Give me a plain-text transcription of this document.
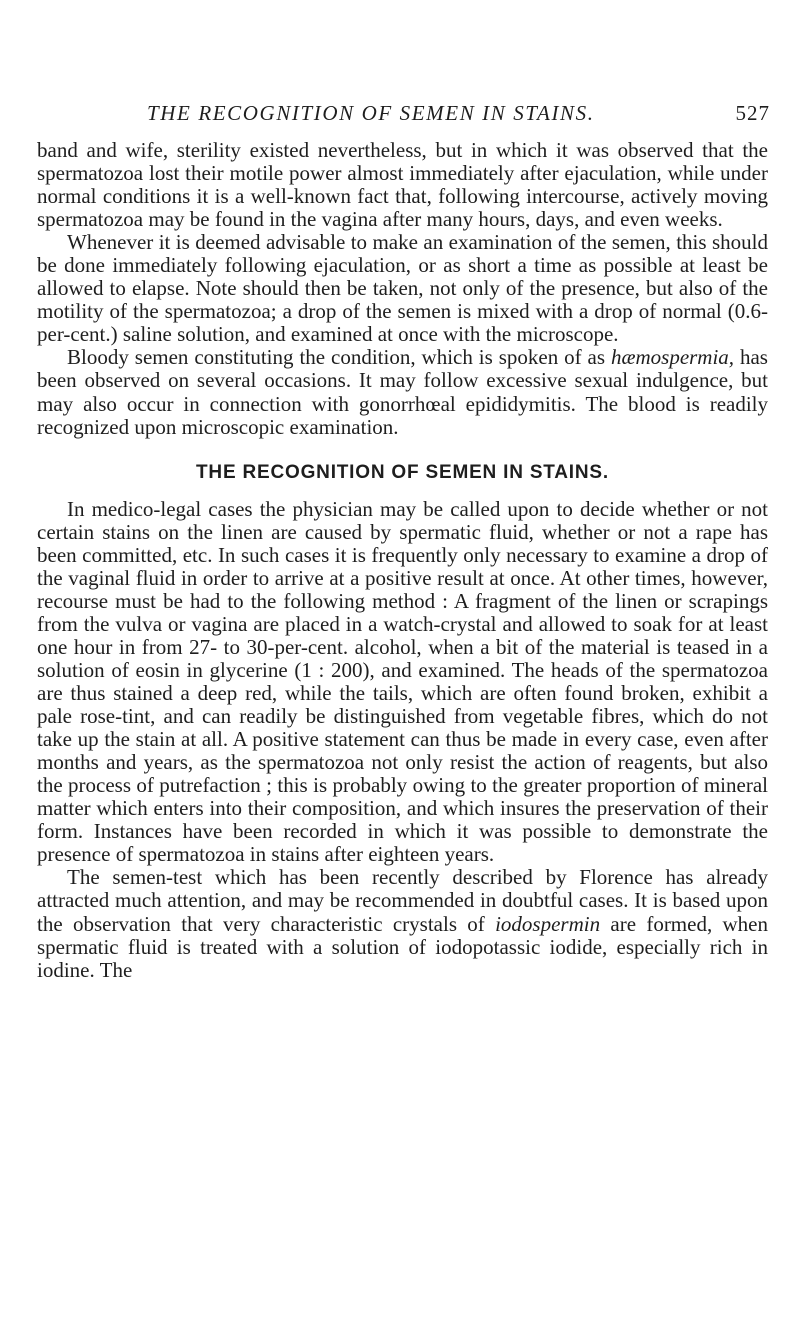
THE RECOGNITION OF SEMEN IN STAINS.	527

band and wife, sterility existed nevertheless, but in which it was observed that the spermatozoa lost their motile power almost immediately after ejaculation, while under normal conditions it is a well-known fact that, following intercourse, actively moving spermatozoa may be found in the vagina after many hours, days, and even weeks.

Whenever it is deemed advisable to make an examination of the semen, this should be done immediately following ejaculation, or as short a time as possible at least be allowed to elapse. Note should then be taken, not only of the presence, but also of the motility of the spermatozoa; a drop of the semen is mixed with a drop of normal (0.6-per-cent.) saline solution, and examined at once with the microscope.

Bloody semen constituting the condition, which is spoken of as hæmospermia, has been observed on several occasions. It may follow excessive sexual indulgence, but may also occur in connection with gonorrhœal epididymitis. The blood is readily recognized upon microscopic examination.

THE RECOGNITION OF SEMEN IN STAINS.

In medico-legal cases the physician may be called upon to decide whether or not certain stains on the linen are caused by spermatic fluid, whether or not a rape has been committed, etc. In such cases it is frequently only necessary to examine a drop of the vaginal fluid in order to arrive at a positive result at once. At other times, however, recourse must be had to the following method : A fragment of the linen or scrapings from the vulva or vagina are placed in a watch-crystal and allowed to soak for at least one hour in from 27- to 30-per-cent. alcohol, when a bit of the material is teased in a solution of eosin in glycerine (1 : 200), and examined. The heads of the spermatozoa are thus stained a deep red, while the tails, which are often found broken, exhibit a pale rose-tint, and can readily be distinguished from vegetable fibres, which do not take up the stain at all. A positive statement can thus be made in every case, even after months and years, as the spermatozoa not only resist the action of reagents, but also the process of putrefaction ; this is probably owing to the greater proportion of mineral matter which enters into their composition, and which insures the preservation of their form. Instances have been recorded in which it was possible to demonstrate the presence of spermatozoa in stains after eighteen years.

The semen-test which has been recently described by Florence has already attracted much attention, and may be recommended in doubtful cases. It is based upon the observation that very characteristic crystals of iodospermin are formed, when spermatic fluid is treated with a solution of iodopotassic iodide, especially rich in iodine. The
